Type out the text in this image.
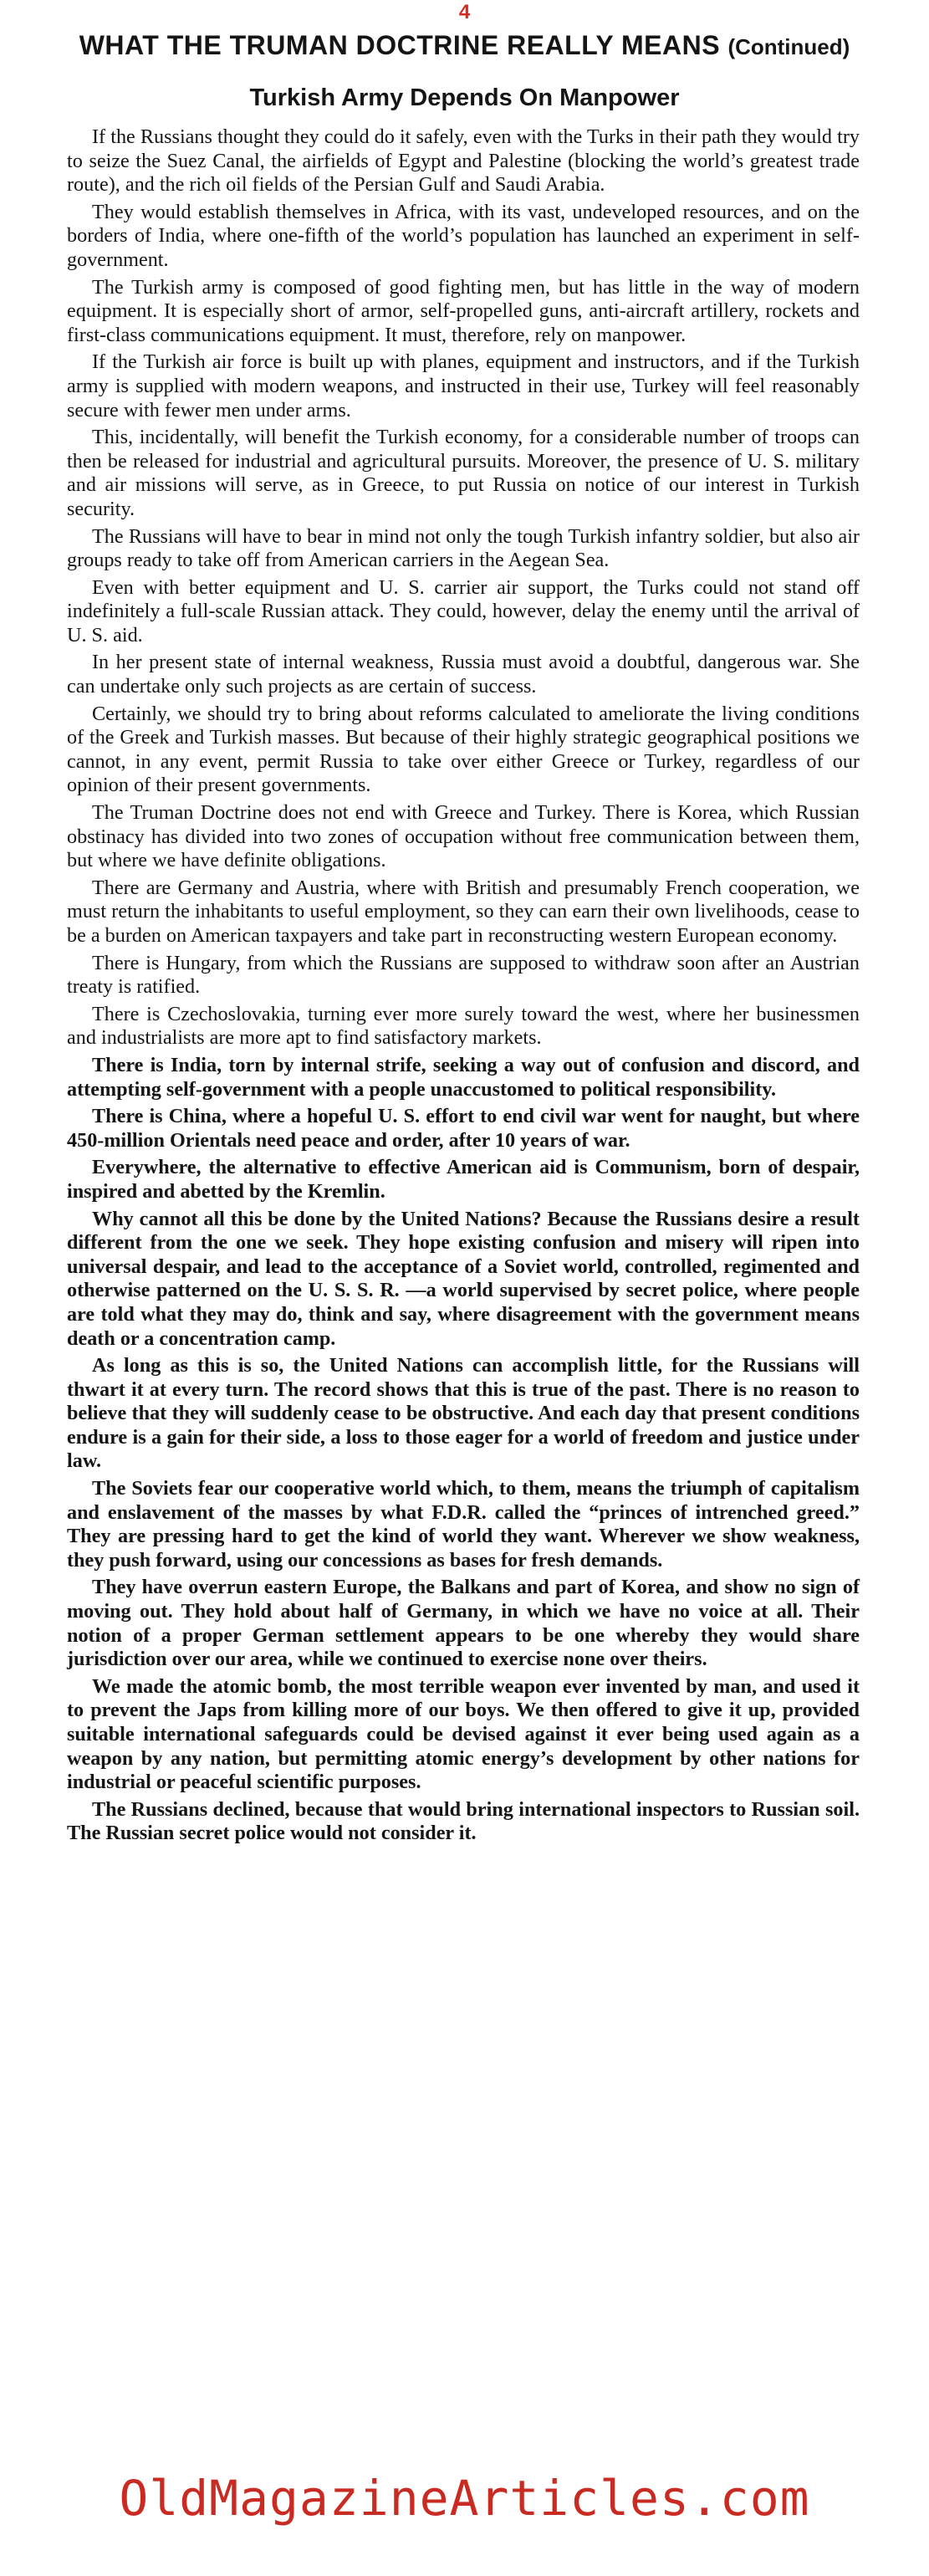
4
WHAT THE TRUMAN DOCTRINE REALLY MEANS (Continued)
Turkish Army Depends On Manpower

If the Russians thought they could do it safely, even with the Turks in their path they would try to seize the Suez Canal, the airfields of Egypt and Palestine (blocking the world’s greatest trade route), and the rich oil fields of the Persian Gulf and Saudi Arabia.

They would establish themselves in Africa, with its vast, undeveloped resources, and on the borders of India, where one-fifth of the world’s population has launched an experiment in self-government.

The Turkish army is composed of good fighting men, but has little in the way of modern equipment. It is especially short of armor, self-propelled guns, anti-aircraft artillery, rockets and first-class communications equipment. It must, therefore, rely on manpower.

If the Turkish air force is built up with planes, equipment and instructors, and if the Turkish army is supplied with modern weapons, and instructed in their use, Turkey will feel reasonably secure with fewer men under arms.

This, incidentally, will benefit the Turkish economy, for a considerable number of troops can then be released for industrial and agricultural pursuits. Moreover, the presence of U. S. military and air missions will serve, as in Greece, to put Russia on notice of our interest in Turkish security.

The Russians will have to bear in mind not only the tough Turkish infantry soldier, but also air groups ready to take off from American carriers in the Aegean Sea.

Even with better equipment and U. S. carrier air support, the Turks could not stand off indefinitely a full-scale Russian attack. They could, however, delay the enemy until the arrival of U. S. aid.

In her present state of internal weakness, Russia must avoid a doubtful, dangerous war. She can undertake only such projects as are certain of success.

Certainly, we should try to bring about reforms calculated to ameliorate the living conditions of the Greek and Turkish masses. But because of their highly strategic geographical positions we cannot, in any event, permit Russia to take over either Greece or Turkey, regardless of our opinion of their present governments.

The Truman Doctrine does not end with Greece and Turkey. There is Korea, which Russian obstinacy has divided into two zones of occupation without free communication between them, but where we have definite obligations.

There are Germany and Austria, where with British and presumably French cooperation, we must return the inhabitants to useful employment, so they can earn their own livelihoods, cease to be a burden on American taxpayers and take part in reconstructing western European economy.

There is Hungary, from which the Russians are supposed to withdraw soon after an Austrian treaty is ratified.

There is Czechoslovakia, turning ever more surely toward the west, where her businessmen and industrialists are more apt to find satisfactory markets.

There is India, torn by internal strife, seeking a way out of confusion and discord, and attempting self-government with a people unaccustomed to political responsibility.

There is China, where a hopeful U. S. effort to end civil war went for naught, but where 450-million Orientals need peace and order, after 10 years of war.

Everywhere, the alternative to effective American aid is Communism, born of despair, inspired and abetted by the Kremlin.

Why cannot all this be done by the United Nations? Because the Russians desire a result different from the one we seek. They hope existing confusion and misery will ripen into universal despair, and lead to the acceptance of a Soviet world, controlled, regimented and otherwise patterned on the U. S. S. R. —a world supervised by secret police, where people are told what they may do, think and say, where disagreement with the government means death or a concentration camp.

As long as this is so, the United Nations can accomplish little, for the Russians will thwart it at every turn. The record shows that this is true of the past. There is no reason to believe that they will suddenly cease to be obstructive. And each day that present conditions endure is a gain for their side, a loss to those eager for a world of freedom and justice under law.

The Soviets fear our cooperative world which, to them, means the triumph of capitalism and enslavement of the masses by what F.D.R. called the “princes of intrenched greed.” They are pressing hard to get the kind of world they want. Wherever we show weakness, they push forward, using our concessions as bases for fresh demands.

They have overrun eastern Europe, the Balkans and part of Korea, and show no sign of moving out. They hold about half of Germany, in which we have no voice at all. Their notion of a proper German settlement appears to be one whereby they would share jurisdiction over our area, while we continued to exercise none over theirs.

We made the atomic bomb, the most terrible weapon ever invented by man, and used it to prevent the Japs from killing more of our boys. We then offered to give it up, provided suitable international safeguards could be devised against it ever being used again as a weapon by any nation, but permitting atomic energy’s development by other nations for industrial or peaceful scientific purposes.

The Russians declined, because that would bring international inspectors to Russian soil. The Russian secret police would not consider it.

OldMagazineArticles.com
